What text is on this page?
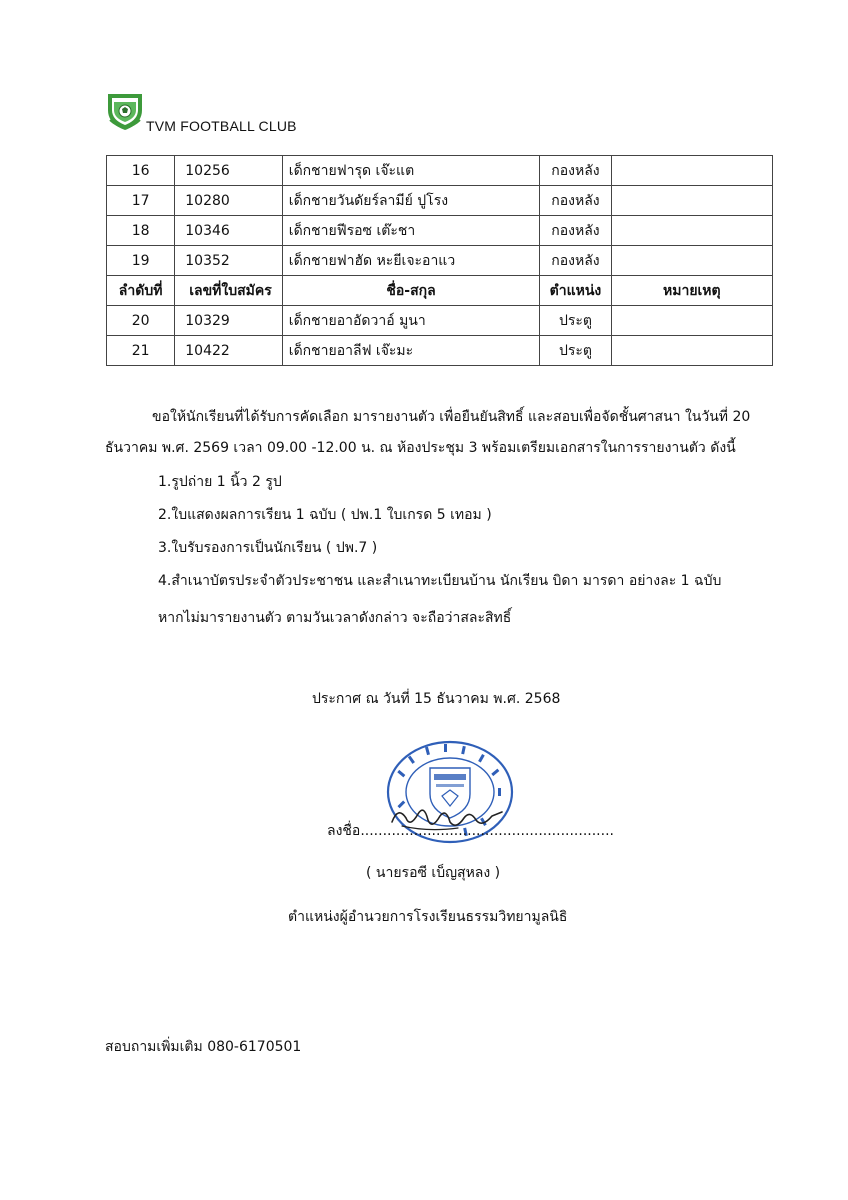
TVM FOOTBALL CLUB
16	10256	เด็กชายฟารุด เจ๊ะแต	กองหลัง	
17	10280	เด็กชายวันดัยร์ลามีย์ ปูโรง	กองหลัง	
18	10346	เด็กชายฟีรอซ เต๊ะชา	กองหลัง	
19	10352	เด็กชายฟาฮัด หะยีเจะอาแว	กองหลัง	
ลำดับที่	เลขที่ใบสมัคร	ชื่อ-สกุล	ตำแหน่ง	หมายเหตุ
20	10329	เด็กชายอาอัดวาอ์ มูนา	ประตู	
21	10422	เด็กชายอาลีฟ เจ๊ะมะ	ประตู	
ขอให้นักเรียนที่ได้รับการคัดเลือก มารายงานตัว เพื่อยืนยันสิทธิ์ และสอบเพื่อจัดชั้นศาสนา ในวันที่ 20
ธันวาคม พ.ศ. 2569 เวลา 09.00 -12.00 น. ณ ห้องประชุม 3 พร้อมเตรียมเอกสารในการรายงานตัว ดังนี้
1.รูปถ่าย 1 นิ้ว 2 รูป
2.ใบแสดงผลการเรียน 1 ฉบับ ( ปพ.1 ใบเกรด 5 เทอม )
3.ใบรับรองการเป็นนักเรียน ( ปพ.7 )
4.สำเนาบัตรประจำตัวประชาชน และสำเนาทะเบียนบ้าน นักเรียน บิดา มารดา อย่างละ 1 ฉบับ
หากไม่มารายงานตัว ตามวันเวลาดังกล่าว จะถือว่าสละสิทธิ์
ประกาศ ณ วันที่ 15 ธันวาคม พ.ศ. 2568
ลงชื่อ.........................................................
( นายรอซี เบ็ญสุหลง )
ตำแหน่งผู้อำนวยการโรงเรียนธรรมวิทยามูลนิธิ
สอบถามเพิ่มเติม 080-6170501
